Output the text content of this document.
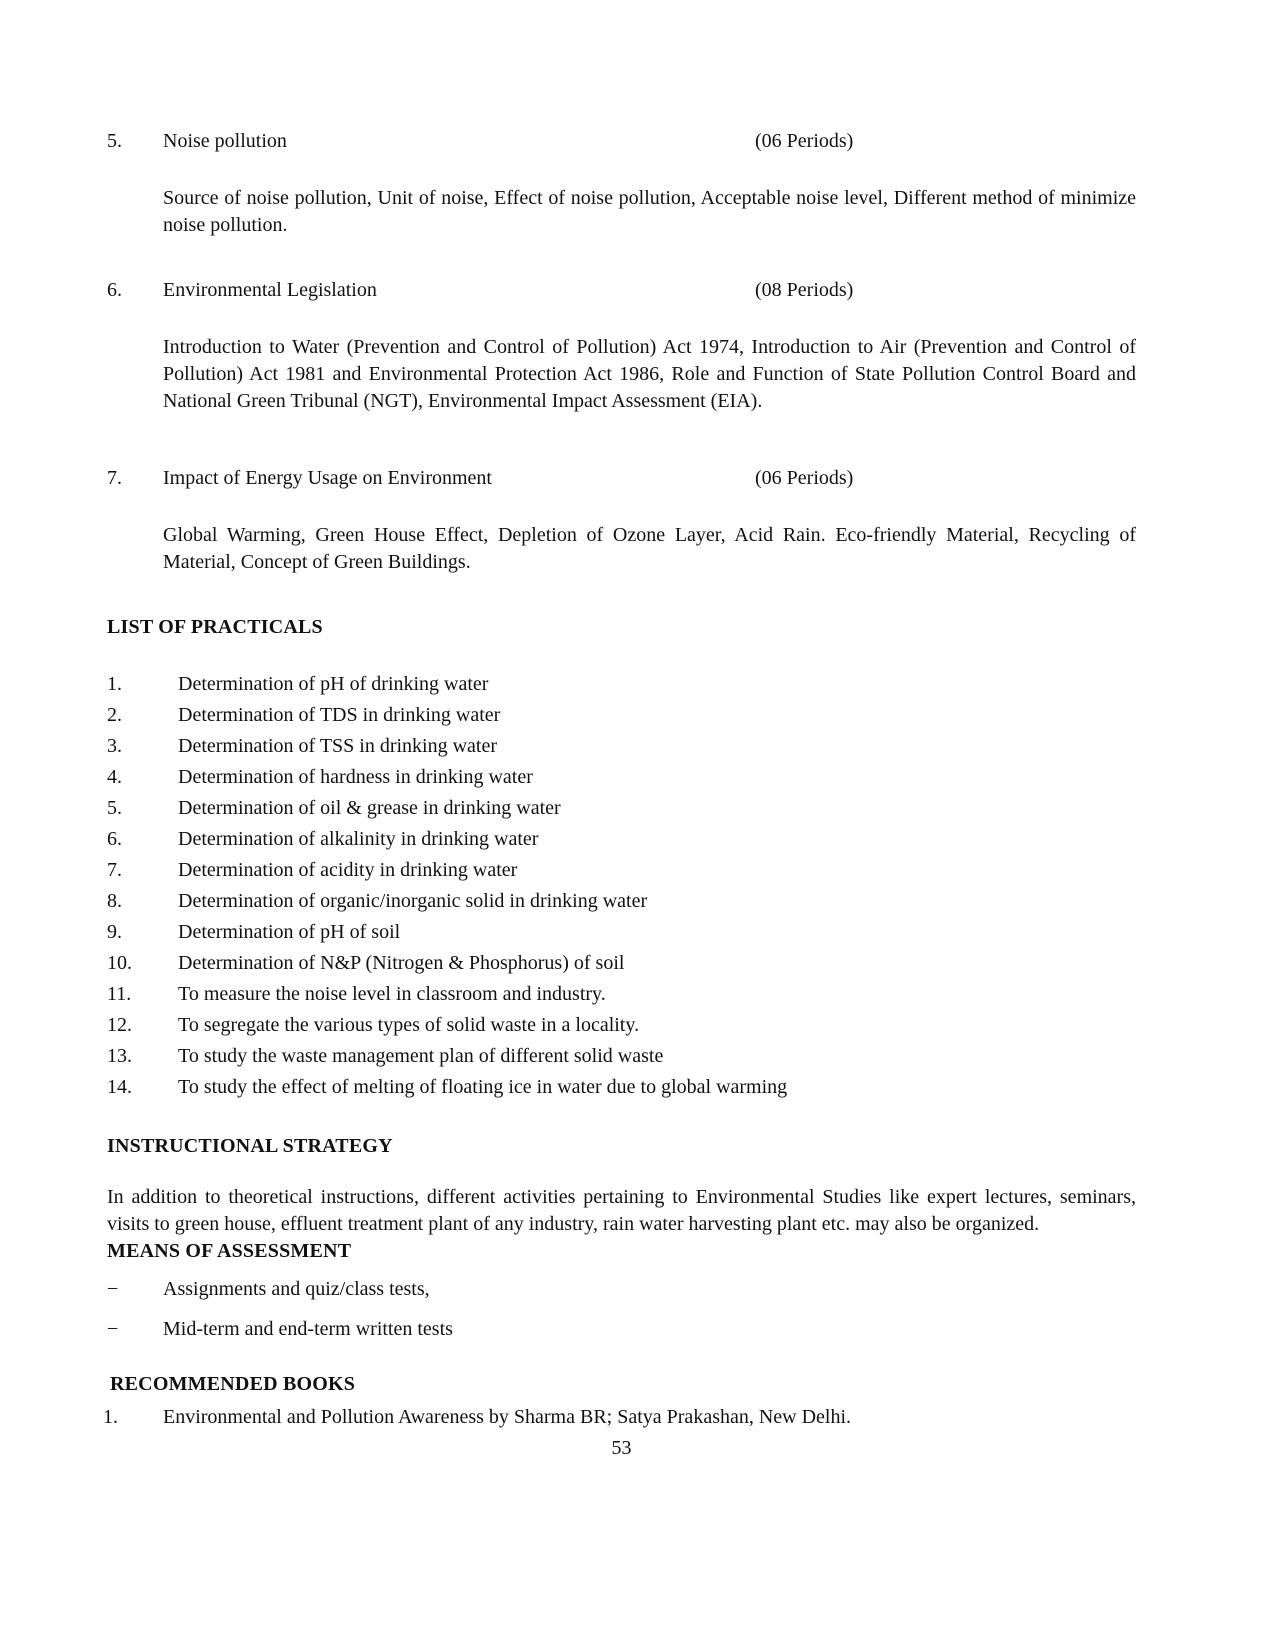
5.	Noise pollution	(06 Periods)

Source of noise pollution, Unit of noise, Effect of noise pollution, Acceptable noise level, Different method of minimize noise pollution.

6.	Environmental Legislation	(08 Periods)

Introduction to Water (Prevention and Control of Pollution) Act 1974, Introduction to Air (Prevention and Control of Pollution) Act 1981 and Environmental Protection Act 1986, Role and Function of State Pollution Control Board and National Green Tribunal (NGT), Environmental Impact Assessment (EIA).

7.	Impact of Energy Usage on Environment	(06 Periods)

Global Warming, Green House Effect, Depletion of Ozone Layer, Acid Rain. Eco-friendly Material, Recycling of Material, Concept of Green Buildings.

LIST OF PRACTICALS
1.	Determination of pH of drinking water
2.	Determination of TDS in drinking water
3.	Determination of TSS in drinking water
4.	Determination of hardness in drinking water
5.	Determination of oil & grease in drinking water
6.	Determination of alkalinity in drinking water
7.	Determination of acidity in drinking water
8.	Determination of organic/inorganic solid in drinking water
9.	Determination of pH of soil
10.	Determination of N&P (Nitrogen & Phosphorus) of soil
11.	To measure the noise level in classroom and industry.
12.	To segregate the various types of solid waste in a locality.
13.	To study the waste management plan of different solid waste
14.	To study the effect of melting of floating ice in water due to global warming
INSTRUCTIONAL STRATEGY

In addition to theoretical instructions, different activities pertaining to Environmental Studies like expert lectures, seminars, visits to green house, effluent treatment plant of any industry, rain water harvesting plant etc. may also be organized.

MEANS OF ASSESSMENT
−	Assignments and quiz/class tests,
−	Mid-term and end-term written tests
RECOMMENDED BOOKS
1.	Environmental and Pollution Awareness by Sharma BR; Satya Prakashan, New Delhi.
53
